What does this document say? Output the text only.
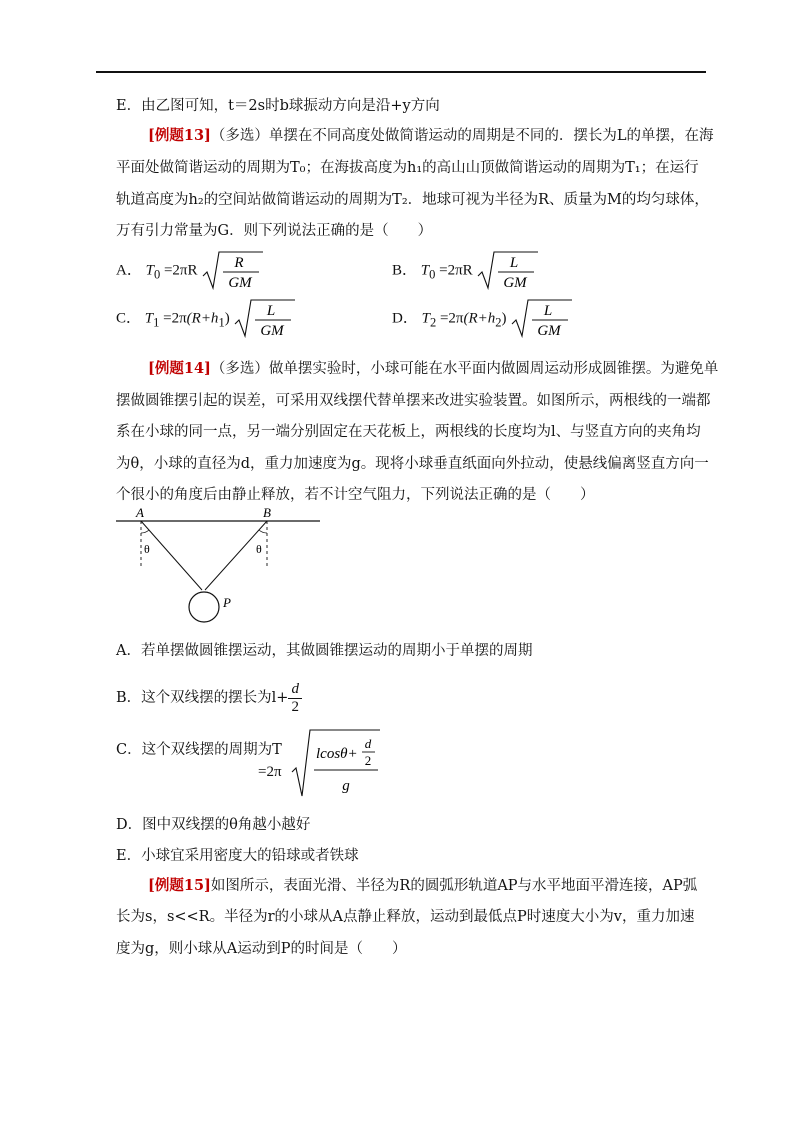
E．由乙图可知，t＝2s时b球振动方向是沿+y方向
[例题13]（多选）单摆在不同高度处做简谐运动的周期是不同的．摆长为L的单摆，在海
平面处做简谐运动的周期为T₀；在海拔高度为h₁的高山山顶做简谐运动的周期为T₁；在运行
轨道高度为h₂的空间站做简谐运动的周期为T₂．地球可视为半径为R、质量为M的均匀球体，
万有引力常量为G．则下列说法正确的是（　　）
A． $T_0 =2\pi R$ R
GM
B． $T_0 =2\pi R$	L
GM
C． $T_1 =2\pi(R+h_1)$ L
GM
D． $T_2 =2\pi(R+h_2)$ L
GM
[例题14]（多选）做单摆实验时，小球可能在水平面内做圆周运动形成圆锥摆。为避免单
摆做圆锥摆引起的误差，可采用双线摆代替单摆来改进实验装置。如图所示，两根线的一端都
系在小球的同一点，另一端分别固定在天花板上，两根线的长度均为l、与竖直方向的夹角均
为θ，小球的直径为d，重力加速度为g。现将小球垂直纸面向外拉动，使悬线偏离竖直方向一
个很小的角度后由静止释放，若不计空气阻力，下列说法正确的是（　　）
A	B
P
θ	θ
A．若单摆做圆锥摆运动，其做圆锥摆运动的周期小于单摆的周期
B．这个双线摆的摆长为$l+ \frac{d}{2}$
C．这个双线摆的周期为T
=2π
lcosθ+
d
2
g
D．图中双线摆的θ角越小越好
E．小球宜采用密度大的铅球或者铁球
[例题15]如图所示，表面光滑、半径为R的圆弧形轨道AP与水平地面平滑连接，AP弧
长为s，s<<R。半径为r的小球从A点静止释放，运动到最低点P时速度大小为v，重力加速
度为g，则小球从A运动到P的时间是（　　）
